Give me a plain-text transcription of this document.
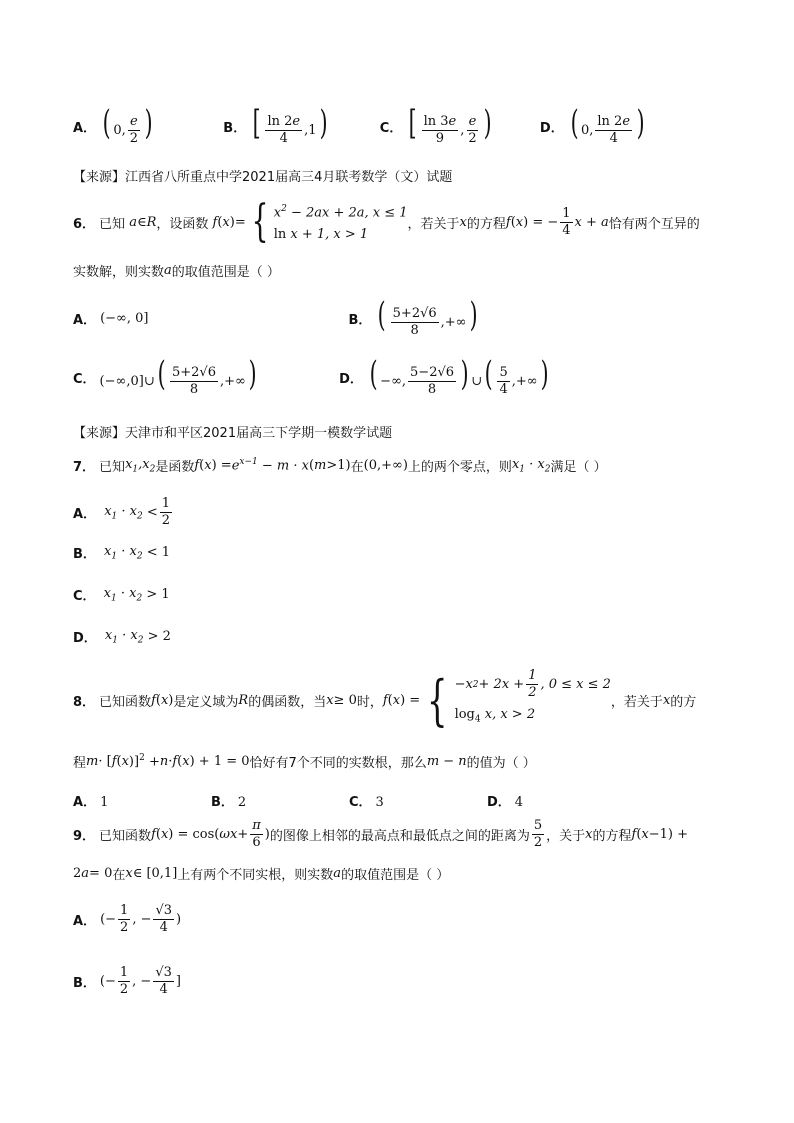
A． ( 0, $\frac{e}{2}$ )	B． [ $\frac{\ln 2e}{4} ,1$)	C． [ $\frac{\ln 3e}{9}$ , $\frac{e}{2}$ )	D． ( 0, $\frac{\ln 2e}{4}$ )
【来源】江西省八所重点中学2021届高三4月联考数学（文）试题
6． 已知 a ∈ R ，设函数 f ( x )= { $x^2 - 2ax + 2a$, x ≤ 1
ln x + 1, x > 1
，若关于 x 的方程 f ( x ) = − $\frac{1}{4}$ x + a 恰有两个互异的
实数解，则实数 a 的取值范围是（ ）
A． (−∞, 0]	B． ( $\frac{5+2√6}{8}$ ,+∞)
C． (−∞,0]∪( $\frac{5+2√6}{8}$ ,+∞)	D． ( −∞, $\frac{5-2√6}{8}$ ) ∪( $\frac{5}{4}$ ,+∞)
【来源】天津市和平区2021届高三下学期一模数学试题
7． 已知 $x_1,x_2$ 是函数 f ( x ) = $e^{x-1} - m \cdot x$ ( m >1) 在 (0,+∞) 上的两个零点，则 $x_1 \cdot x_2$ 满足（ ）
A． $x_1 \cdot x_2 < \frac{1}{2}$
B． $x_1 \cdot x_2 < 1$
C． $x_1 \cdot x_2 > 1$
D． $x_1 \cdot x_2 > 2$
8． 已知函数 f ( x ) 是定义域为 R 的偶函数，当 x ≥ 0 时， f ( x ) = { −x $2 + 2x + \frac{1}{2}$ , 0 ≤ x ≤ 2
$\log_4 x$, x > 2
，若关于 x 的方
程 m · [ f ( x )]$^2$ + n · f ( x ) + 1 = 0 恰好有7个不同的实数根，那么 m − n 的值为（ ）
A． 1	B． 2	C． 3	D． 4
9． 已知函数 f ( x ) = cos( $\omega x + \frac{\pi}{6}$ ) 的图像上相邻的最高点和最低点之间的距离为 $\frac{5}{2}$ ，关于 x 的方程 f ( x −1) +
2 a = 0 在 x ∈ [0,1] 上有两个不同实根，则实数 a 的取值范围是（ ）
A． (− $\frac{1}{2}$ , − $\frac{√3}{4}$ )
B． (− $\frac{1}{2}$ , − $\frac{√3}{4}$ ]
